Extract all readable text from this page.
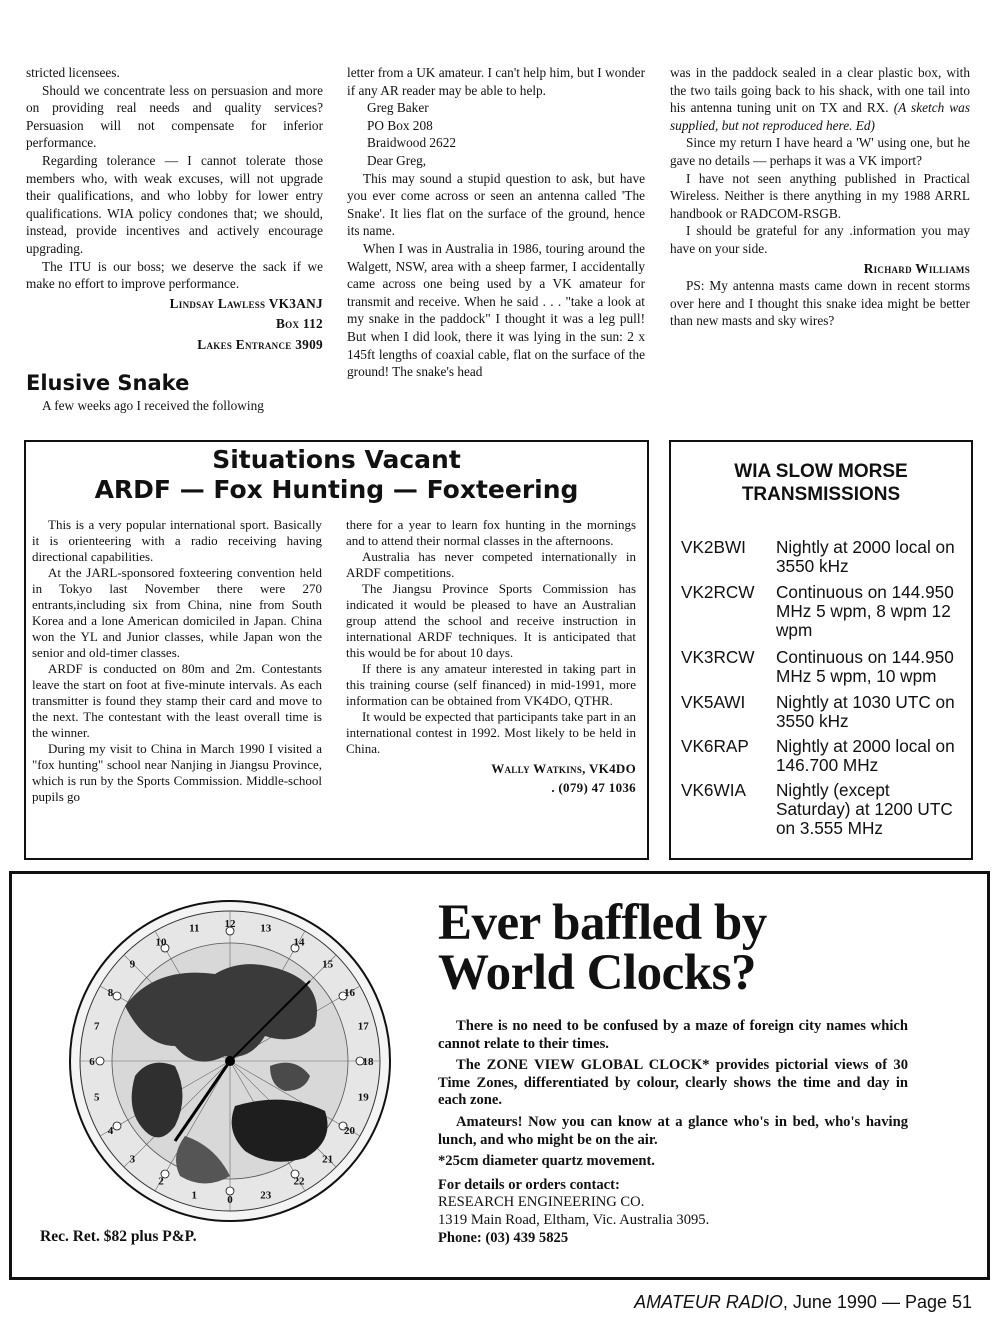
stricted licensees.

Should we concentrate less on persuasion and more on providing real needs and quality services? Persuasion will not compensate for inferior performance.

Regarding tolerance — I cannot tolerate those members who, with weak excuses, will not upgrade their qualifications, and who lobby for lower entry qualifications. WIA policy condones that; we should, instead, provide incentives and actively encourage upgrading.

The ITU is our boss; we deserve the sack if we make no effort to improve performance.

Lindsay Lawless VK3ANJ

Box 112

Lakes Entrance 3909

Elusive Snake

A few weeks ago I received the following

letter from a UK amateur. I can't help him, but I wonder if any AR reader may be able to help.

Greg Baker

PO Box 208

Braidwood 2622

Dear Greg,

This may sound a stupid question to ask, but have you ever come across or seen an antenna called 'The Snake'. It lies flat on the surface of the ground, hence its name.

When I was in Australia in 1986, touring around the Walgett, NSW, area with a sheep farmer, I accidentally came across one being used by a VK amateur for transmit and receive. When he said . . . "take a look at my snake in the paddock" I thought it was a leg pull! But when I did look, there it was lying in the sun: 2 x 145ft lengths of coaxial cable, flat on the surface of the ground! The snake's head

was in the paddock sealed in a clear plastic box, with the two tails going back to his shack, with one tail into his antenna tuning unit on TX and RX. (A sketch was supplied, but not reproduced here. Ed)

Since my return I have heard a 'W' using one, but he gave no details — perhaps it was a VK import?

I have not seen anything published in Practical Wireless. Neither is there anything in my 1988 ARRL handbook or RADCOM-RSGB.

I should be grateful for any .information you may have on your side.

Richard Williams

PS: My antenna masts came down in recent storms over here and I thought this snake idea might be better than new masts and sky wires?

Situations Vacant
ARDF — Fox Hunting — Foxteering

This is a very popular international sport. Basically it is orienteering with a radio receiving having directional capabilities.

At the JARL-sponsored foxteering convention held in Tokyo last November there were 270 entrants,including six from China, nine from South Korea and a lone American domiciled in Japan. China won the YL and Junior classes, while Japan won the senior and old-timer classes.

ARDF is conducted on 80m and 2m. Contestants leave the start on foot at five-minute intervals. As each transmitter is found they stamp their card and move to the next. The contestant with the least overall time is the winner.

During my visit to China in March 1990 I visited a "fox hunting" school near Nanjing in Jiangsu Province, which is run by the Sports Commission. Middle-school pupils go

there for a year to learn fox hunting in the mornings and to attend their normal classes in the afternoons.

Australia has never competed internationally in ARDF competitions.

The Jiangsu Province Sports Commission has indicated it would be pleased to have an Australian group attend the school and receive instruction in international ARDF techniques. It is anticipated that this would be for about 10 days.

If there is any amateur interested in taking part in this training course (self financed) in mid-1991, more information can be obtained from VK4DO, QTHR.

It would be expected that participants take part in an international contest in 1992. Most likely to be held in China.

Wally Watkins, VK4DO

. (079) 47 1036

WIA SLOW MORSE TRANSMISSIONS

VK2BWI Nightly at 2000 local on 3550 kHz
VK2RCW Continuous on 144.950 MHz 5 wpm, 8 wpm 12 wpm
VK3RCW Continuous on 144.950 MHz 5 wpm, 10 wpm
VK5AWI Nightly at 1030 UTC on 3550 kHz
VK6RAP Nightly at 2000 local on 146.700 MHz
VK6WIA Nightly (except Saturday) at 1200 UTC on 3.555 MHz
12 13
14
15
16
17
18
19
20
21
22
23
0
1
2
3
4
5
6
7
8
9
10
11
Rec. Ret. $82 plus P&P.
Ever baffled by
World Clocks?

There is no need to be confused by a maze of foreign city names which cannot relate to their times.

The ZONE VIEW GLOBAL CLOCK* provides pictorial views of 30 Time Zones, differentiated by colour, clearly shows the time and day in each zone.

Amateurs! Now you can know at a glance who's in bed, who's having lunch, and who might be on the air.

*25cm diameter quartz movement.

For details or orders contact:

RESEARCH ENGINEERING CO.

1319 Main Road, Eltham, Vic. Australia 3095.

Phone: (03) 439 5825

AMATEUR RADIO, June 1990 — Page 51
